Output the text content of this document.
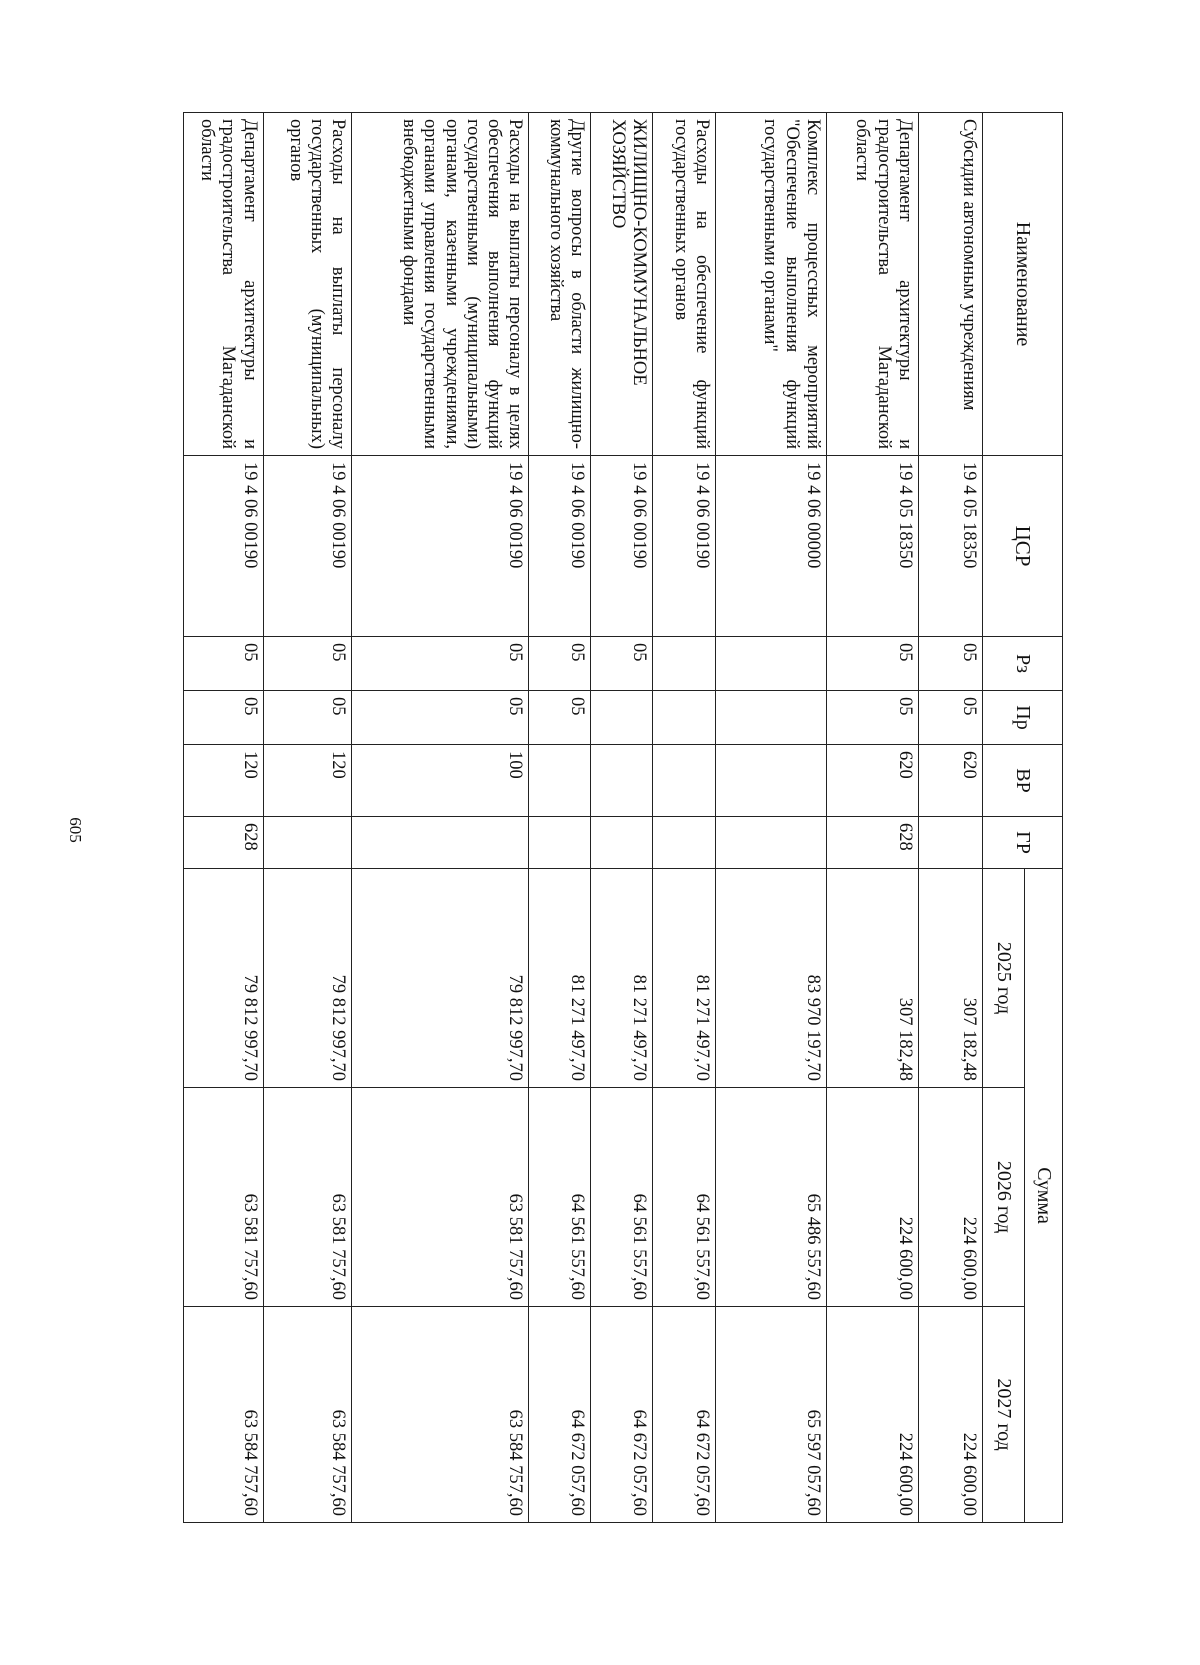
605
Наименование	ЦСР	Рз	Пр	ВР	ГР	Сумма		
						2025 год	2026 год	2027 год
Субсидии автономным учреждениям	19 4 05 18350	05	05	620		307 182,48	224 600,00	224 600,00
Департамент архитектуры и градостроительства Магаданской области	19 4 05 18350	05	05	620	628	307 182,48	224 600,00	224 600,00
Комплекс процессных мероприятий "Обеспечение выполнения функций государственными органами"	19 4 06 00000					83 970 197,70	65 486 557,60	65 597 057,60
Расходы на обеспечение функций государственных органов	19 4 06 00190					81 271 497,70	64 561 557,60	64 672 057,60
ЖИЛИЩНО-КОММУНАЛЬНОЕ ХОЗЯЙСТВО	19 4 06 00190	05				81 271 497,70	64 561 557,60	64 672 057,60
Другие вопросы в области жилищно-коммунального хозяйства	19 4 06 00190	05	05			81 271 497,70	64 561 557,60	64 672 057,60
Расходы на выплаты персоналу в целях обеспечения выполнения функций государственными (муниципальными) органами, казенными учреждениями, органами управления государственными внебюджетными фондами	19 4 06 00190	05	05	100		79 812 997,70	63 581 757,60	63 584 757,60
Расходы на выплаты персоналу государственных (муниципальных) органов	19 4 06 00190	05	05	120		79 812 997,70	63 581 757,60	63 584 757,60
Департамент архитектуры и градостроительства Магаданской области	19 4 06 00190	05	05	120	628	79 812 997,70	63 581 757,60	63 584 757,60
